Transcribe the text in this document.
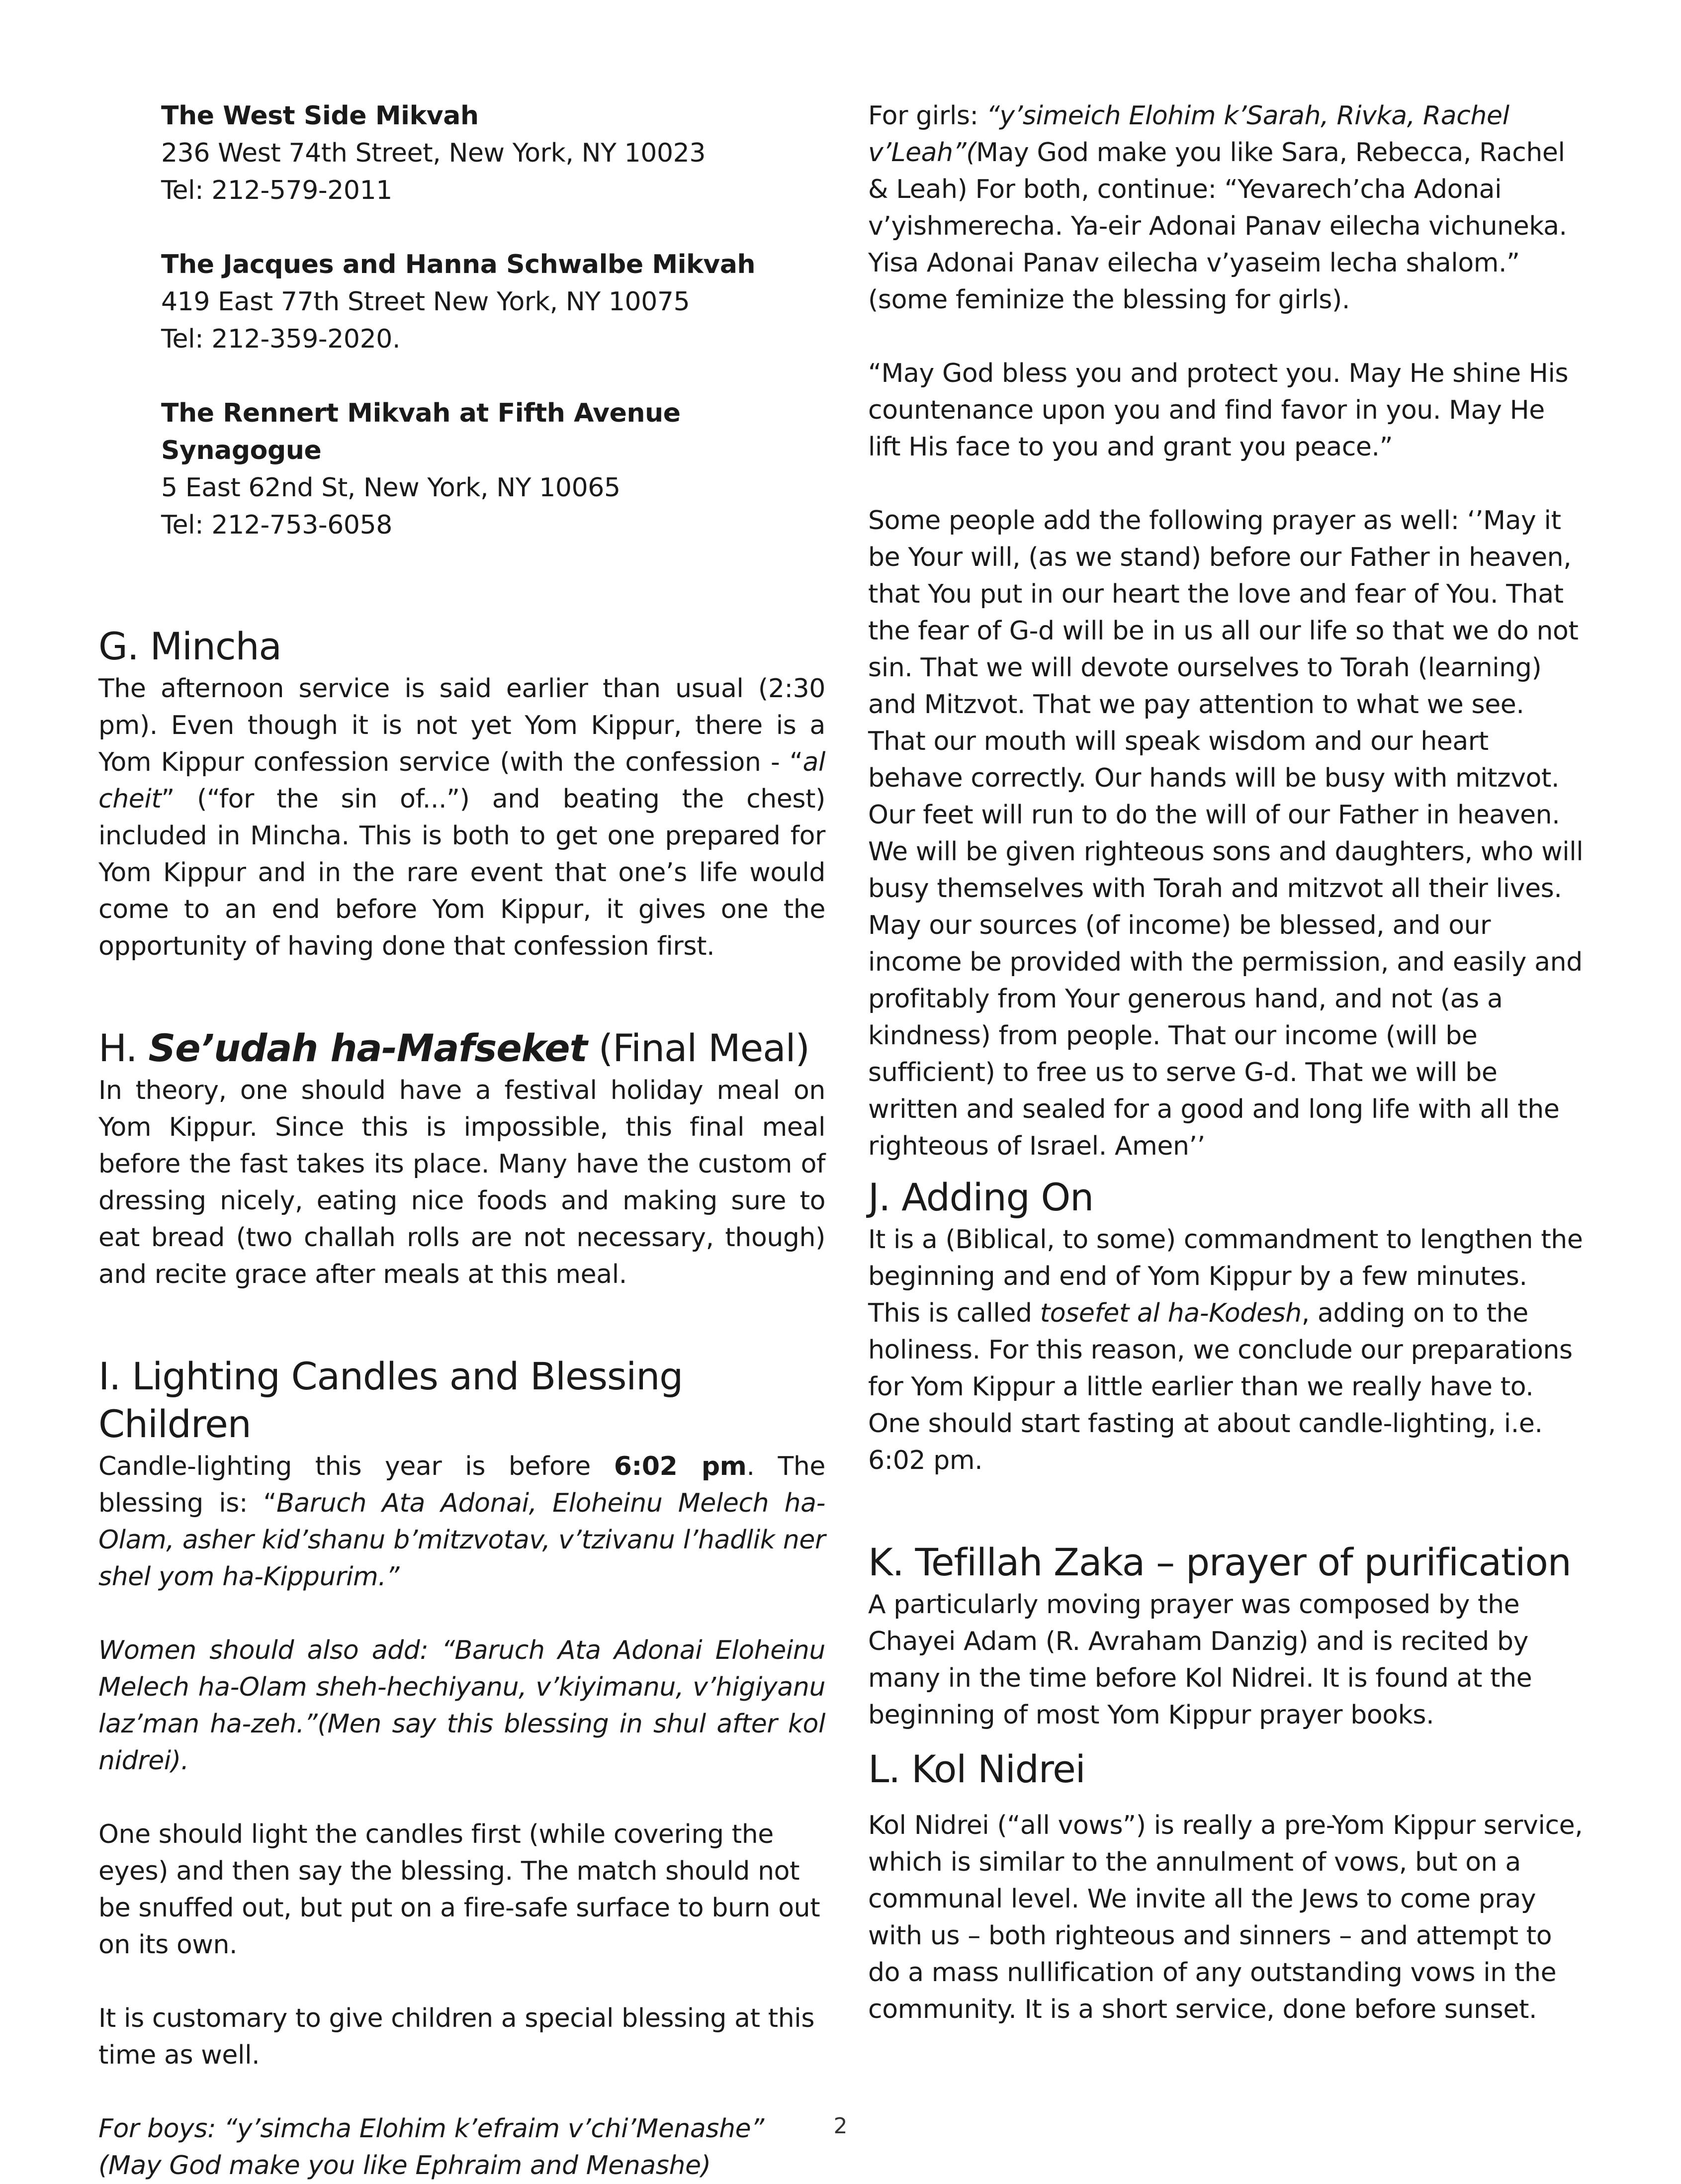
The West Side Mikvah

236 West 74th Street, New York, NY 10023

Tel: 212-579-2011

The Jacques and Hanna Schwalbe Mikvah

419 East 77th Street New York, NY 10075

Tel: 212-359-2020.

The Rennert Mikvah at Fifth Avenue Synagogue

5 East 62nd St, New York, NY 10065

Tel: 212-753-6058

G. Mincha

The afternoon service is said earlier than usual (2:30 pm). Even though it is not yet Yom Kippur, there is a Yom Kippur confession service (with the confession - “al cheit” (“for the sin of...”) and beating the chest) included in Mincha. This is both to get one prepared for Yom Kippur and in the rare event that one’s life would come to an end before Yom Kippur, it gives one the opportunity of having done that confession first.

H. Se’udah ha-Mafseket (Final Meal)

In theory, one should have a festival holiday meal on Yom Kippur. Since this is impossible, this final meal before the fast takes its place. Many have the custom of dressing nicely, eating nice foods and making sure to eat bread (two challah rolls are not necessary, though) and recite grace after meals at this meal.

I. Lighting Candles and Blessing Children

Candle-lighting this year is before 6:02 pm. The blessing is: “Baruch Ata Adonai, Eloheinu Melech ha-Olam, asher kid’shanu b’mitzvotav, v’tzivanu l’hadlik ner shel yom ha-Kippurim.”

Women should also add: “Baruch Ata Adonai Eloheinu Melech ha-Olam sheh-hechiyanu, v’kiyimanu, v’higiyanu laz’man ha-zeh.”(Men say this blessing in shul after kol nidrei).

One should light the candles first (while covering the eyes) and then say the blessing. The match should not be snuffed out, but put on a fire-safe surface to burn out on its own.

It is customary to give children a special blessing at this time as well.

For boys: “y’simcha Elohim k’efraim v’chi’Menashe” (May God make you like Ephraim and Menashe)

For girls: “y’simeich Elohim k’Sarah, Rivka, Rachel v’Leah”(May God make you like Sara, Rebecca, Rachel & Leah) For both, continue: “Yevarech’cha Adonai v’yishmerecha. Ya-eir Adonai Panav eilecha vichuneka. Yisa Adonai Panav eilecha v’yaseim lecha shalom.” (some feminize the blessing for girls).

“May God bless you and protect you. May He shine His countenance upon you and find favor in you. May He lift His face to you and grant you peace.”

Some people add the following prayer as well: ‘’May it be Your will, (as we stand) before our Father in heaven, that You put in our heart the love and fear of You. That the fear of G-d will be in us all our life so that we do not sin. That we will devote ourselves to Torah (learning) and Mitzvot. That we pay attention to what we see. That our mouth will speak wisdom and our heart behave correctly. Our hands will be busy with mitzvot. Our feet will run to do the will of our Father in heaven. We will be given righteous sons and daughters, who will busy themselves with Torah and mitzvot all their lives. May our sources (of income) be blessed, and our income be provided with the permission, and easily and profitably from Your generous hand, and not (as a kindness) from people. That our income (will be sufficient) to free us to serve G-d. That we will be written and sealed for a good and long life with all the righteous of Israel. Amen’’

J. Adding On

It is a (Biblical, to some) commandment to lengthen the beginning and end of Yom Kippur by a few minutes. This is called tosefet al ha-Kodesh, adding on to the holiness. For this reason, we conclude our preparations for Yom Kippur a little earlier than we really have to. One should start fasting at about candle-lighting, i.e. 6:02 pm.

K. Tefillah Zaka – prayer of purification

A particularly moving prayer was composed by the Chayei Adam (R. Avraham Danzig) and is recited by many in the time before Kol Nidrei. It is found at the beginning of most Yom Kippur prayer books.

L. Kol Nidrei

Kol Nidrei (“all vows”) is really a pre-Yom Kippur service, which is similar to the annulment of vows, but on a communal level. We invite all the Jews to come pray with us – both righteous and sinners – and attempt to do a mass nullification of any outstanding vows in the community. It is a short service, done before sunset.

2
